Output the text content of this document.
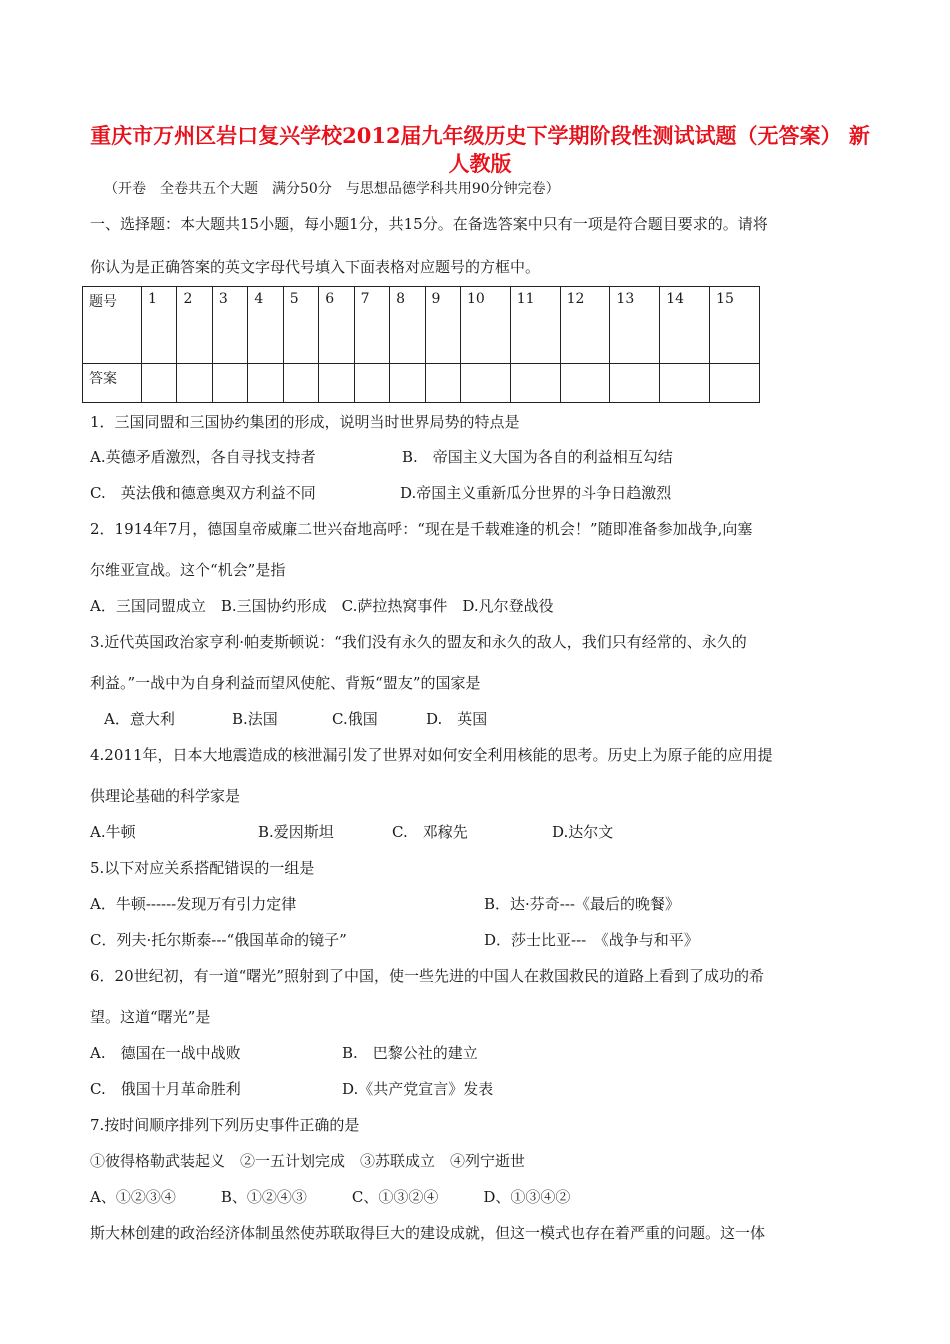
重庆市万州区岩口复兴学校2012届九年级历史下学期阶段性测试试题（无答案） 新人教版
（开卷　全卷共五个大题　满分50分　与思想品德学科共用90分钟完卷）
一、选择题：本大题共15小题，每小题1分，共15分。在备选答案中只有一项是符合题目要求的。请将
你认为是正确答案的英文字母代号填入下面表格对应题号的方框中。
题号	1	2	3	4	5	6	7	8	9	10	11	12	13	14	15
答案															
1．三国同盟和三国协约集团的形成，说明当时世界局势的特点是
A.英德矛盾激烈，各自寻找支持者	B.　帝国主义大国为各自的利益相互勾结
C.　英法俄和德意奥双方利益不同	D.帝国主义重新瓜分世界的斗争日趋激烈
2．1914年7月，德国皇帝威廉二世兴奋地高呼：“现在是千载难逢的机会！”随即准备参加战争,向塞
尔维亚宣战。这个“机会”是指
A．三国同盟成立　B.三国协约形成　C.萨拉热窝事件　D.凡尔登战役
3.近代英国政治家亨利·帕麦斯顿说：“我们没有永久的盟友和永久的敌人，我们只有经常的、永久的
利益。”一战中为自身利益而望风使舵、背叛“盟友”的国家是
A．意大利	B.法国	C.俄国	D.　英国
4.2011年，日本大地震造成的核泄漏引发了世界对如何安全利用核能的思考。历史上为原子能的应用提
供理论基础的科学家是
A.牛顿	B.爱因斯坦	C.　邓稼先	D.达尔文
5.以下对应关系搭配错误的一组是
A．牛顿------发现万有引力定律	B．达·芬奇---《最后的晚餐》
C．列夫·托尔斯泰---“俄国革命的镜子”	D．莎士比亚---　《战争与和平》
6．20世纪初，有一道“曙光”照射到了中国，使一些先进的中国人在救国救民的道路上看到了成功的希
望。这道“曙光”是
A.　德国在一战中战败	B.　巴黎公社的建立
C.　俄国十月革命胜利	D.《共产党宣言》发表
7.按时间顺序排列下列历史事件正确的是
①彼得格勒武装起义　②一五计划完成　③苏联成立　④列宁逝世
A、①②③④　　　B、①②④③　　　C、①③②④　　　D、①③④②
斯大林创建的政治经济体制虽然使苏联取得巨大的建设成就，但这一模式也存在着严重的问题。这一体
